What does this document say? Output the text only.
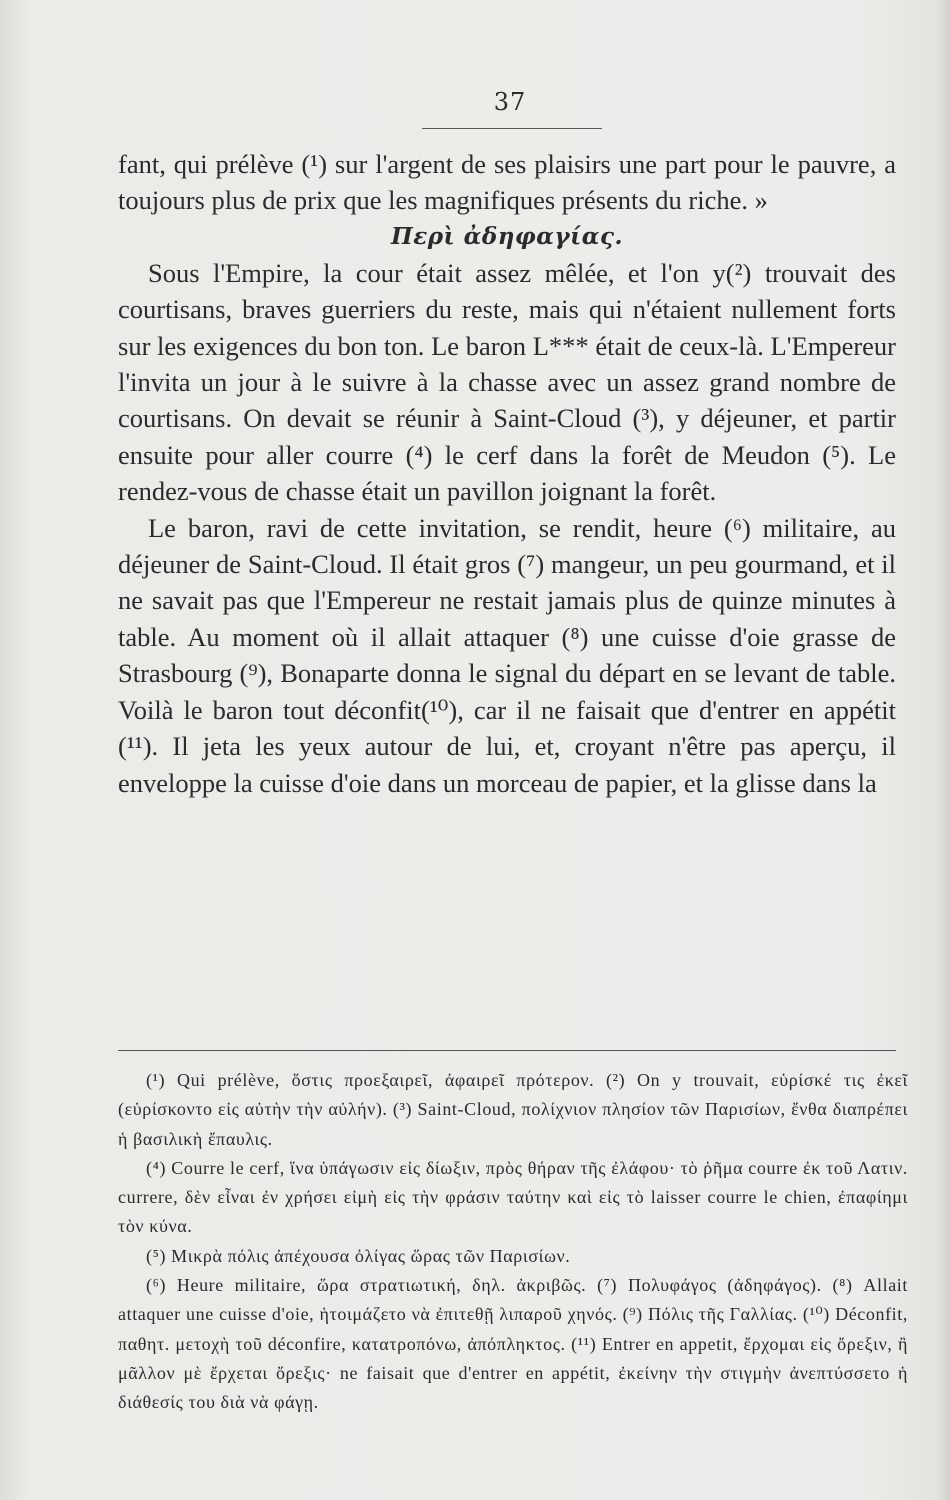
37

fant, qui prélève (¹) sur l'argent de ses plaisirs une part pour le pauvre, a toujours plus de prix que les magnifiques présents du riche. »

Περὶ ἀδηφαγίας.

Sous l'Empire, la cour était assez mêlée, et l'on y(²) trouvait des courtisans, braves guerriers du reste, mais qui n'étaient nullement forts sur les exigences du bon ton. Le baron L*** était de ceux-là. L'Empereur l'invita un jour à le suivre à la chasse avec un assez grand nombre de courtisans. On devait se réunir à Saint-Cloud (³), y déjeuner, et partir ensuite pour aller courre (⁴) le cerf dans la forêt de Meudon (⁵). Le rendez-vous de chasse était un pavillon joignant la forêt.

Le baron, ravi de cette invitation, se rendit, heure (⁶) militaire, au déjeuner de Saint-Cloud. Il était gros (⁷) mangeur, un peu gourmand, et il ne savait pas que l'Empereur ne restait jamais plus de quinze minutes à table. Au moment où il allait attaquer (⁸) une cuisse d'oie grasse de Strasbourg (⁹), Bonaparte donna le signal du départ en se levant de table. Voilà le baron tout déconfit(¹⁰), car il ne faisait que d'entrer en appétit (¹¹). Il jeta les yeux autour de lui, et, croyant n'être pas aperçu, il enveloppe la cuisse d'oie dans un morceau de papier, et la glisse dans la

(¹) Qui prélève, ὅστις προεξαιρεῖ, ἀφαιρεῖ πρότερον. (²) On y trouvait, εὑρίσκέ τις ἐκεῖ (εὑρίσκοντο εἰς αὐτὴν τὴν αὐλήν). (³) Saint-Cloud, πολίχνιον πλησίον τῶν Παρισίων, ἔνθα διαπρέπει ἡ βασιλικὴ ἔπαυλις.

(⁴) Courre le cerf, ἵνα ὑπάγωσιν εἰς δίωξιν, πρὸς θήραν τῆς ἐλάφου· τὸ ῥῆμα courre ἐκ τοῦ Λατιν. currere, δὲν εἶναι ἐν χρήσει εἰμὴ εἰς τὴν φράσιν ταύτην καὶ εἰς τὸ laisser courre le chien, ἐπαφίημι τὸν κύνα.

(⁵) Μικρὰ πόλις ἀπέχουσα ὀλίγας ὥρας τῶν Παρισίων.

(⁶) Heure militaire, ὥρα στρατιωτική, δηλ. ἀκριβῶς. (⁷) Πολυφάγος (ἀδηφάγος). (⁸) Allait attaquer une cuisse d'oie, ἡτοιμάζετο νὰ ἐπιτεθῇ λιπαροῦ χηνός. (⁹) Πόλις τῆς Γαλλίας. (¹⁰) Déconfit, παθητ. μετοχὴ τοῦ déconfire, κατατροπόνω, ἀπόπληκτος. (¹¹) Entrer en appetit, ἔρχομαι εἰς ὄρεξιν, ἢ μᾶλλον μὲ ἔρχεται ὄρεξις· ne faisait que d'entrer en appétit, ἐκείνην τὴν στιγμὴν ἀνεπτύσσετο ἡ διάθεσίς του διὰ νὰ φάγῃ.
